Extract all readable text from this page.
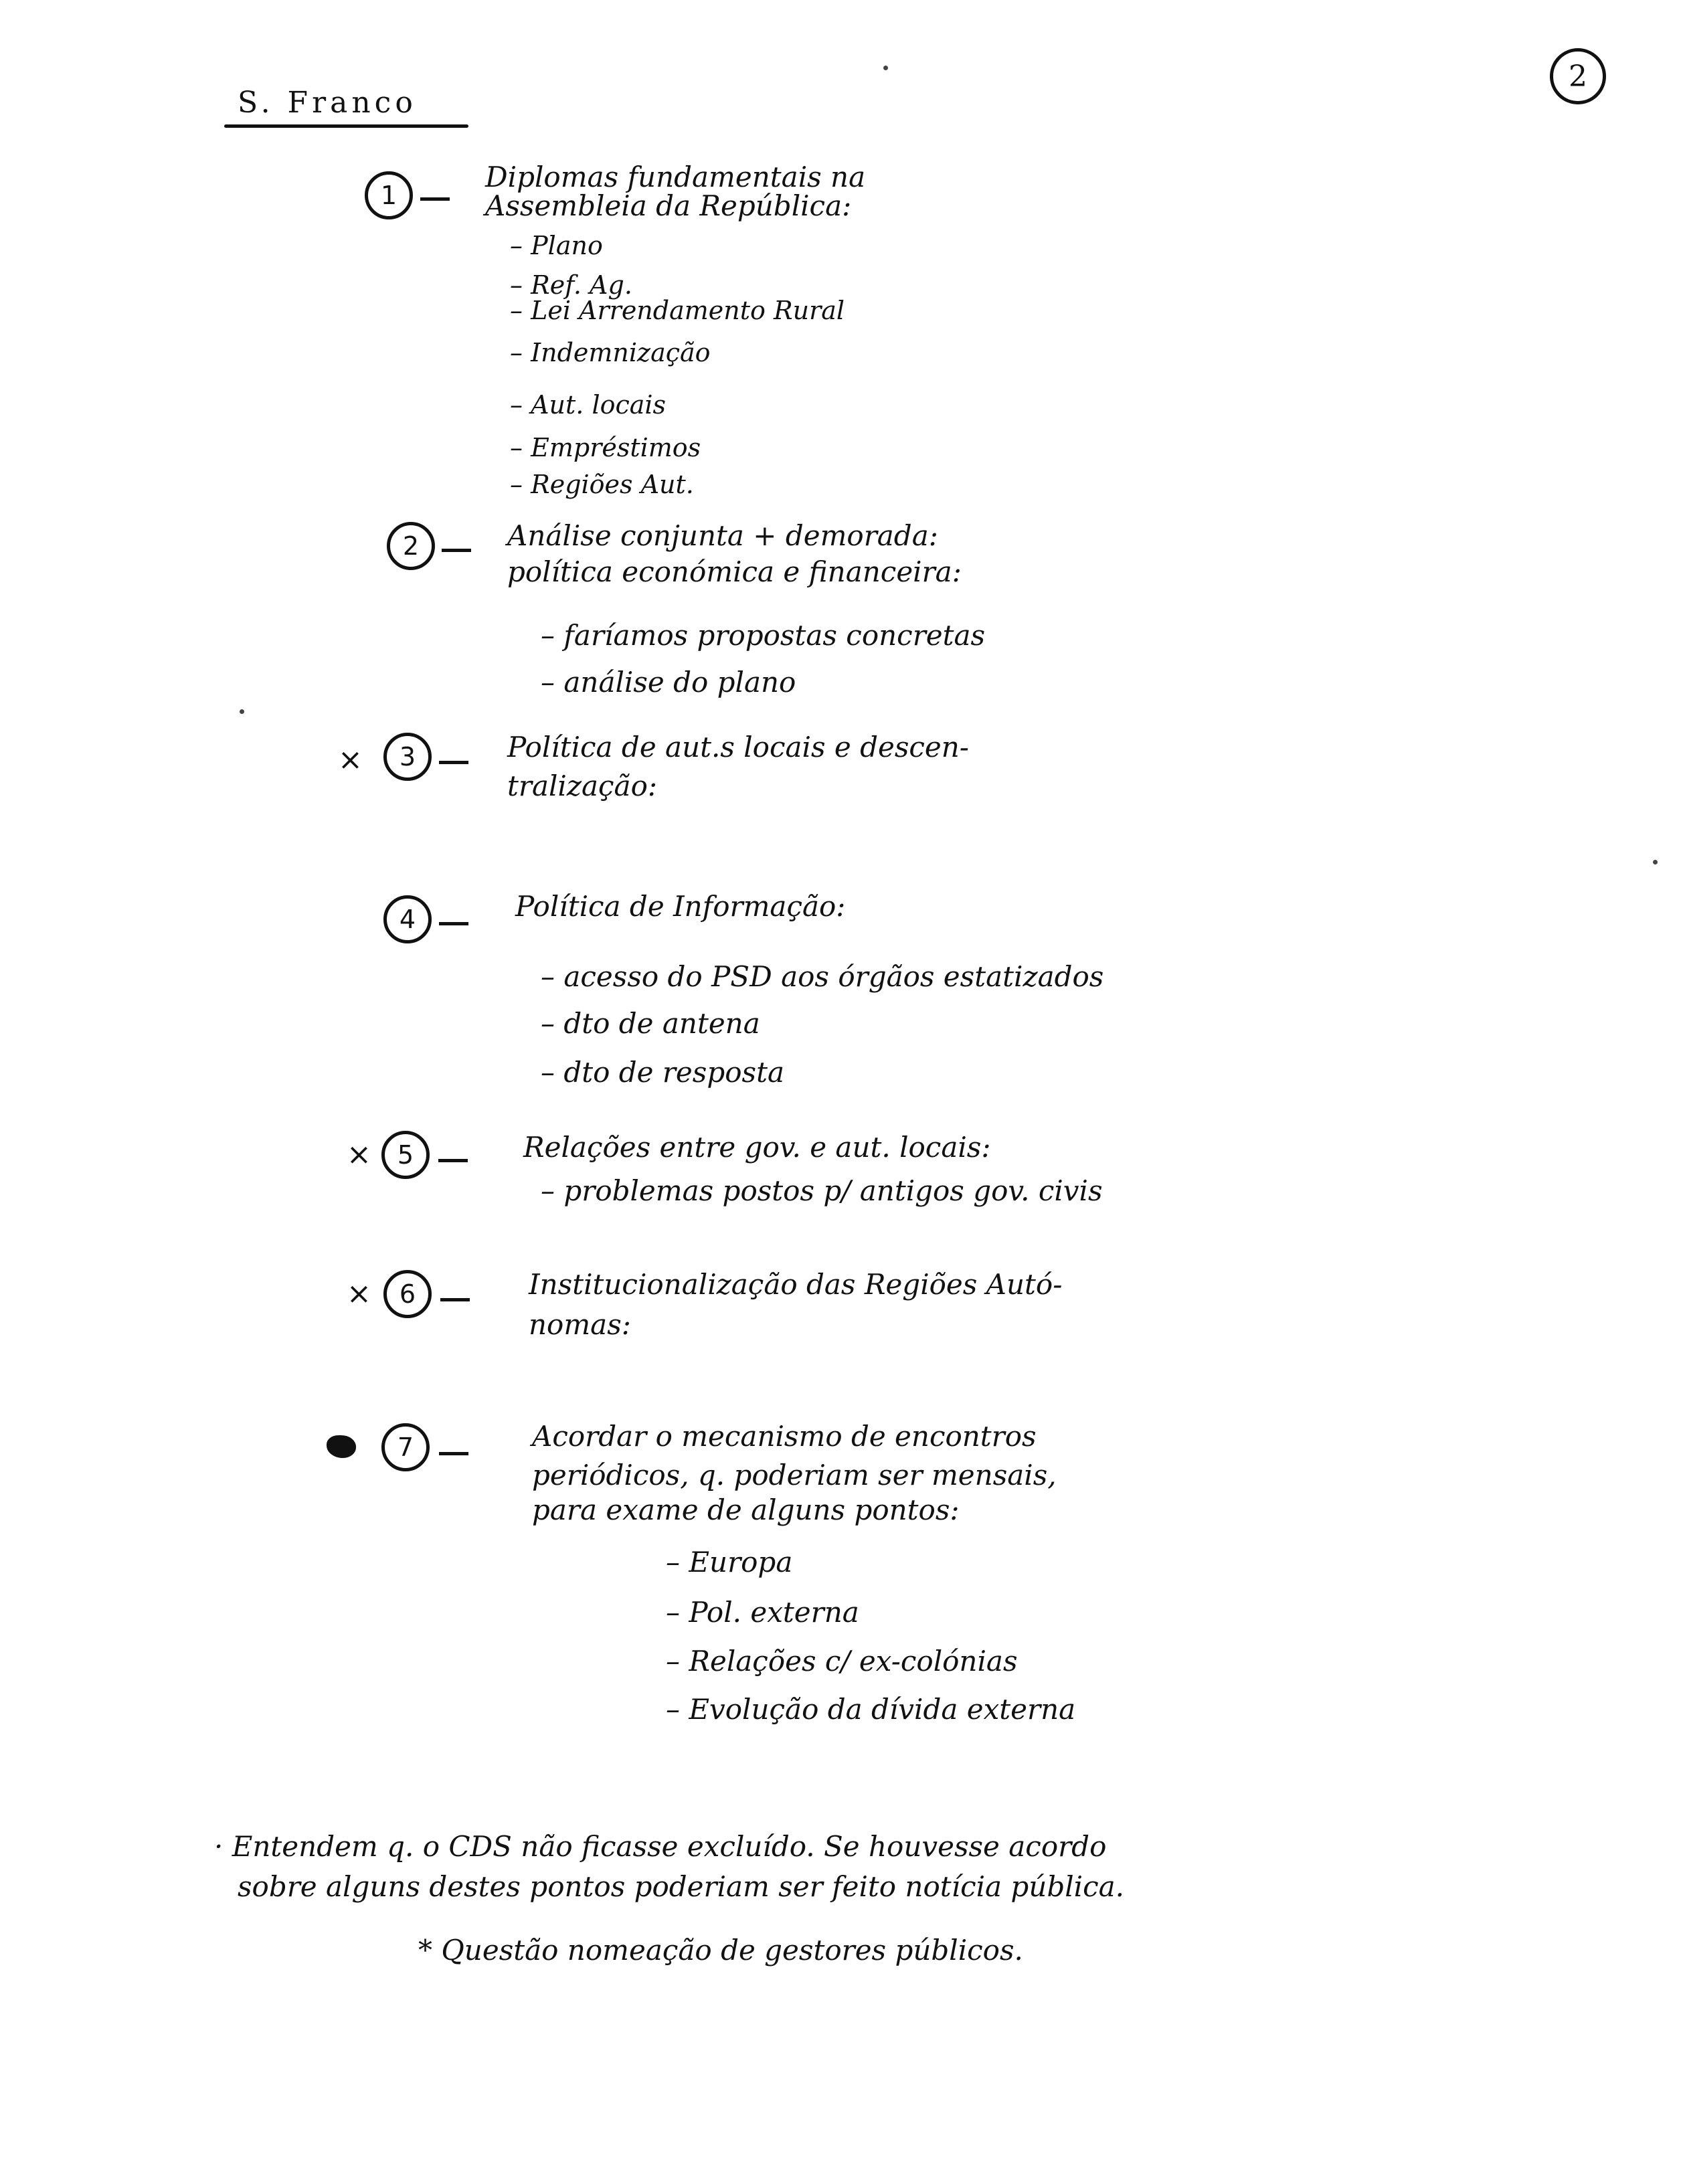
S. Franco
2
1
Diplomas fundamentais na
Assembleia da República:
– Plano
– Ref. Ag.
– Lei Arrendamento Rural
– Indemnização
– Aut. locais
– Empréstimos
– Regiões Aut.
2	Análise conjunta + demorada:
política económica e financeira:
– faríamos propostas concretas
– análise do plano
×	3	Política de aut.s locais e descen-
tralização:
4	Política de Informação:
– acesso do PSD aos órgãos estatizados
– dto de antena
– dto de resposta
×	5	Relações entre gov. e aut. locais:
– problemas postos p/ antigos gov. civis
×	6	Institucionalização das Regiões Autó-
nomas:
7	Acordar o mecanismo de encontros
periódicos, q. poderiam ser mensais,
para exame de alguns pontos:
– Europa
– Pol. externa
– Relações c/ ex-colónias
– Evolução da dívida externa
· Entendem q. o CDS não ficasse excluído. Se houvesse acordo
sobre alguns destes pontos poderiam ser feito notícia pública.
* Questão nomeação de gestores públicos.
